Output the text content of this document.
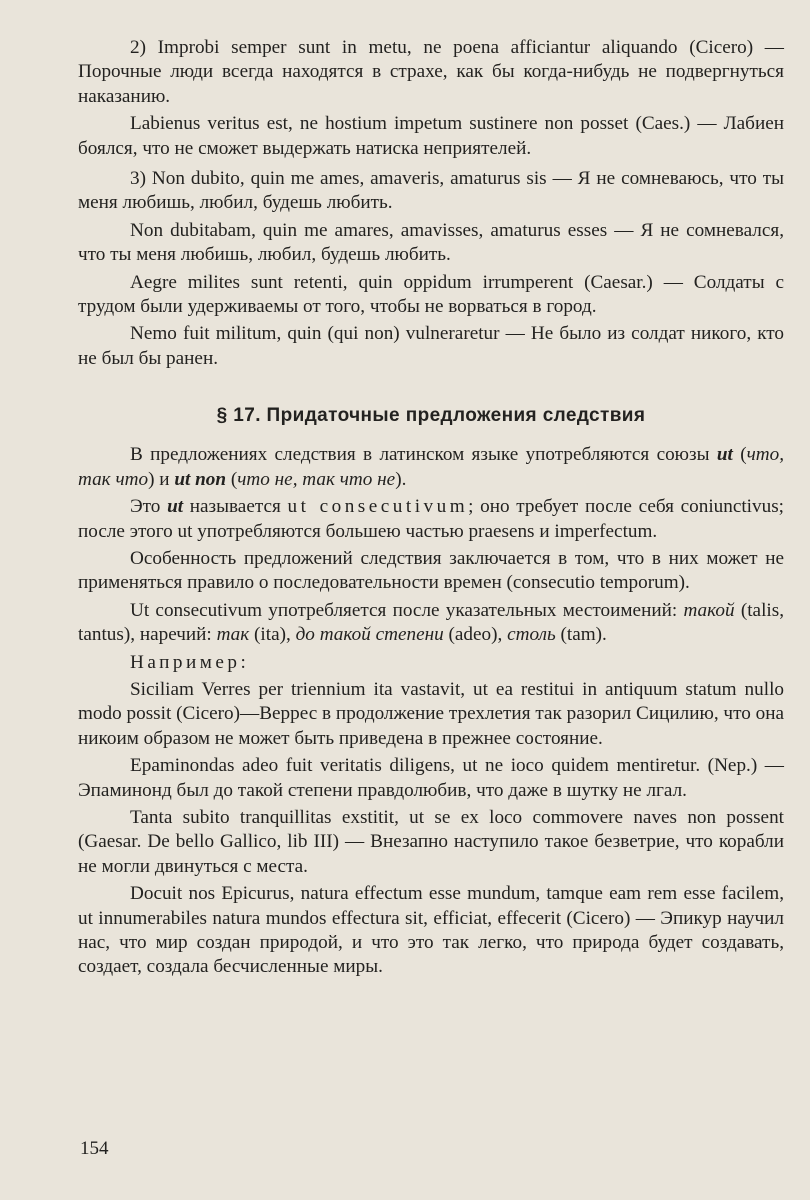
2) Improbi semper sunt in metu, ne poena afficiantur aliquando (Cicero) — Порочные люди всегда находятся в страхе, как бы когда-нибудь не подвергнуться наказанию.

Labienus veritus est, ne hostium impetum sustinere non posset (Caes.) — Лабиен боялся, что не сможет выдержать натиска неприятелей.

3) Non dubito, quin me ames, amaveris, amaturus sis — Я не сомневаюсь, что ты меня любишь, любил, будешь любить.

Non dubitabam, quin me amares, amavisses, amaturus esses — Я не сомневался, что ты меня любишь, любил, будешь любить.

Aegre milites sunt retenti, quin oppidum irrumperent (Caesar.) — Солдаты с трудом были удерживаемы от того, чтобы не ворваться в город.

Nemo fuit militum, quin (qui non) vulneraretur — Не было из солдат никого, кто не был бы ранен.

§ 17. Придаточные предложения следствия

В предложениях следствия в латинском языке употребляются союзы ut (что, так что) и ut non (что не, так что не).

Это ut называется ut consecutivum; оно требует после себя coniunctivus; после этого ut употребляются большею частью praesens и imperfectum.

Особенность предложений следствия заключается в том, что в них может не применяться правило о последовательности времен (consecutio temporum).

Ut consecutivum употребляется после указательных местоимений: такой (talis, tantus), наречий: так (ita), до такой степени (adeo), столь (tam).

Например:

Siciliam Verres per triennium ita vastavit, ut ea restitui in antiquum statum nullo modo possit (Cicero)—Веррес в продолжение трехлетия так разорил Сицилию, что она никоим образом не может быть приведена в прежнее состояние.

Epaminondas adeo fuit veritatis diligens, ut ne ioco quidem mentiretur. (Nep.) — Эпаминонд был до такой степени правдолюбив, что даже в шутку не лгал.

Tanta subito tranquillitas exstitit, ut se ex loco commovere naves non possent (Gaesar. De bello Gallico, lib III) — Внезапно наступило такое безветрие, что корабли не могли двинуться с места.

Docuit nos Epicurus, natura effectum esse mundum, tamque eam rem esse facilem, ut innumerabiles natura mundos effectura sit, efficiat, effecerit (Cicero) — Эпикур научил нас, что мир создан природой, и что это так легко, что природа будет создавать, создает, создала бесчисленные миры.

154
